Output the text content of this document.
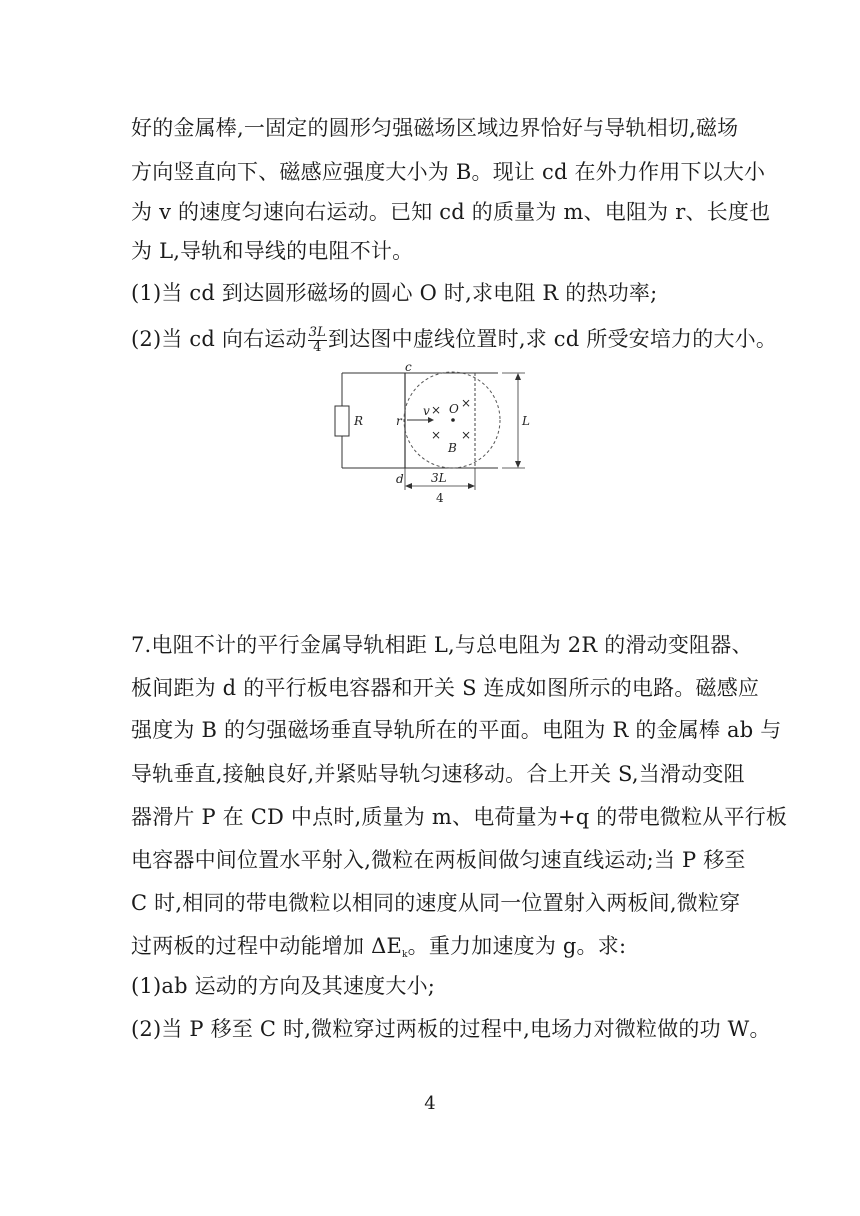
好的金属棒,一固定的圆形匀强磁场区域边界恰好与导轨相切,磁场
方向竖直向下、磁感应强度大小为 B。现让 cd 在外力作用下以大小
为 v 的速度匀速向右运动。已知 cd 的质量为 m、电阻为 r、长度也
为 L,导轨和导线的电阻不计。
(1)当 cd 到达圆形磁场的圆心 O 时,求电阻 R 的热功率;
(2)当 cd 向右运动 $\frac{3L}{4}$ 到达图中虚线位置时,求 cd 所受安培力的大小。
R
c
d
r
v O
B
× ×
× ×
L
3L
4
7.电阻不计的平行金属导轨相距 L,与总电阻为 2R 的滑动变阻器、
板间距为 d 的平行板电容器和开关 S 连成如图所示的电路。磁感应
强度为 B 的匀强磁场垂直导轨所在的平面。电阻为 R 的金属棒 ab 与
导轨垂直,接触良好,并紧贴导轨匀速移动。合上开关 S,当滑动变阻
器滑片 P 在 CD 中点时,质量为 m、电荷量为+q 的带电微粒从平行板
电容器中间位置水平射入,微粒在两板间做匀速直线运动;当 P 移至
C 时,相同的带电微粒以相同的速度从同一位置射入两板间,微粒穿
过两板的过程中动能增加 $\Delta E_k$。重力加速度为 g。求:
(1)ab 运动的方向及其速度大小;
(2)当 P 移至 C 时,微粒穿过两板的过程中,电场力对微粒做的功 W。
4
